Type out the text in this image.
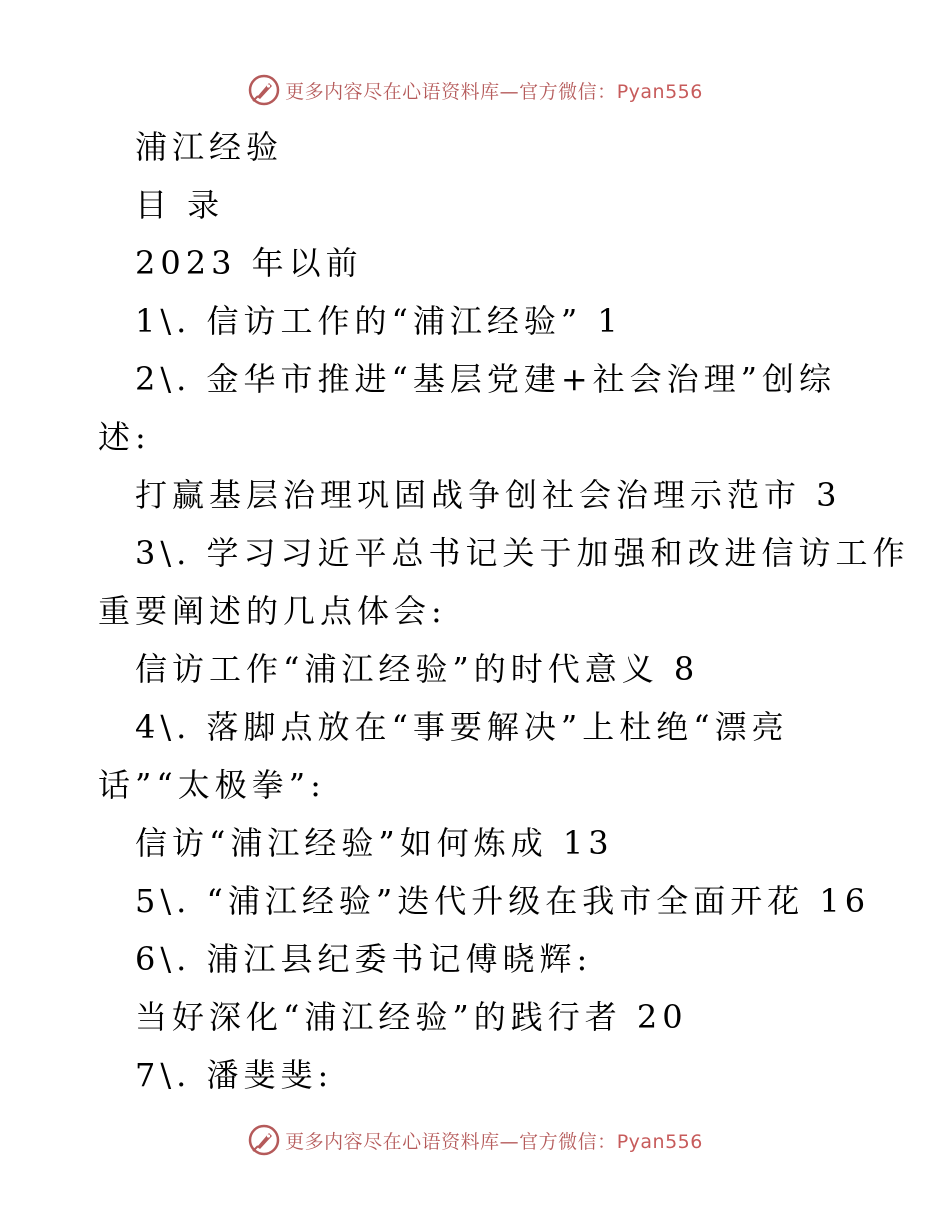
更多内容尽在心语资料库—官方微信：Pyan556
浦江经验
目 录
2023 年以前
1\. 信访工作的“浦江经验” 1
2\. 金华市推进“基层党建+社会治理”创综
述:
打赢基层治理巩固战争创社会治理示范市 3
3\. 学习习近平总书记关于加强和改进信访工作
重要阐述的几点体会:
信访工作“浦江经验”的时代意义 8
4\. 落脚点放在“事要解决”上杜绝“漂亮
话”“太极拳”:
信访“浦江经验”如何炼成 13
5\. “浦江经验”迭代升级在我市全面开花 16
6\. 浦江县纪委书记傅晓辉:
当好深化“浦江经验”的践行者 20
7\. 潘斐斐:
更多内容尽在心语资料库—官方微信：Pyan556
